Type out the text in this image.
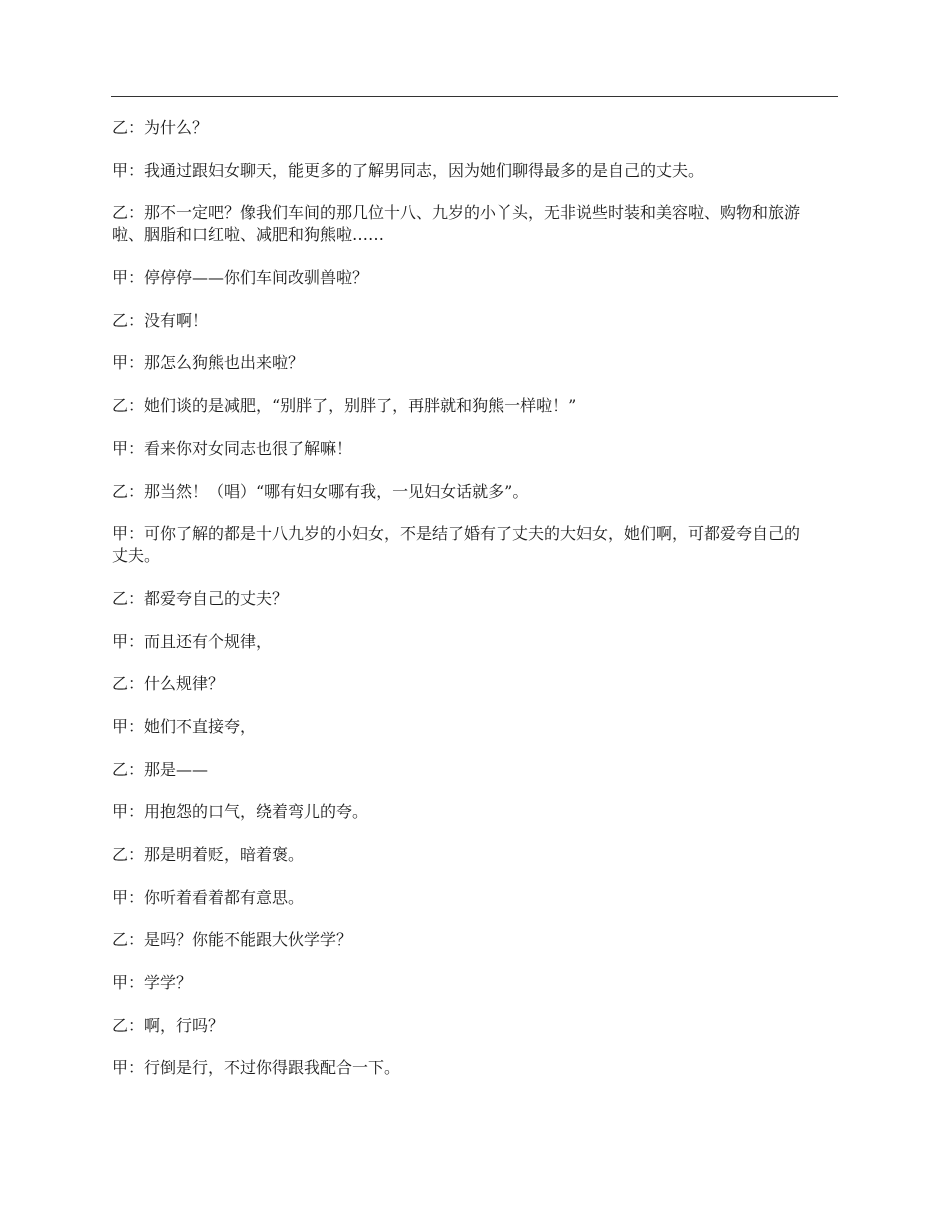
乙：为什么？

甲：我通过跟妇女聊天，能更多的了解男同志，因为她们聊得最多的是自己的丈夫。

乙：那不一定吧？像我们车间的那几位十八、九岁的小丫头，无非说些时装和美容啦、购物和旅游啦、胭脂和口红啦、减肥和狗熊啦……

甲：停停停——你们车间改驯兽啦？

乙：没有啊！

甲：那怎么狗熊也出来啦？

乙：她们谈的是减肥，“别胖了，别胖了，再胖就和狗熊一样啦！”

甲：看来你对女同志也很了解嘛！

乙：那当然！（唱）“哪有妇女哪有我，一见妇女话就多”。

甲：可你了解的都是十八九岁的小妇女，不是结了婚有了丈夫的大妇女，她们啊，可都爱夸自己的丈夫。

乙：都爱夸自己的丈夫？

甲：而且还有个规律，

乙：什么规律？

甲：她们不直接夸，

乙：那是——

甲：用抱怨的口气，绕着弯儿的夸。

乙：那是明着贬，暗着褒。

甲：你听着看着都有意思。

乙：是吗？你能不能跟大伙学学？

甲：学学？

乙：啊，行吗？

甲：行倒是行，不过你得跟我配合一下。
